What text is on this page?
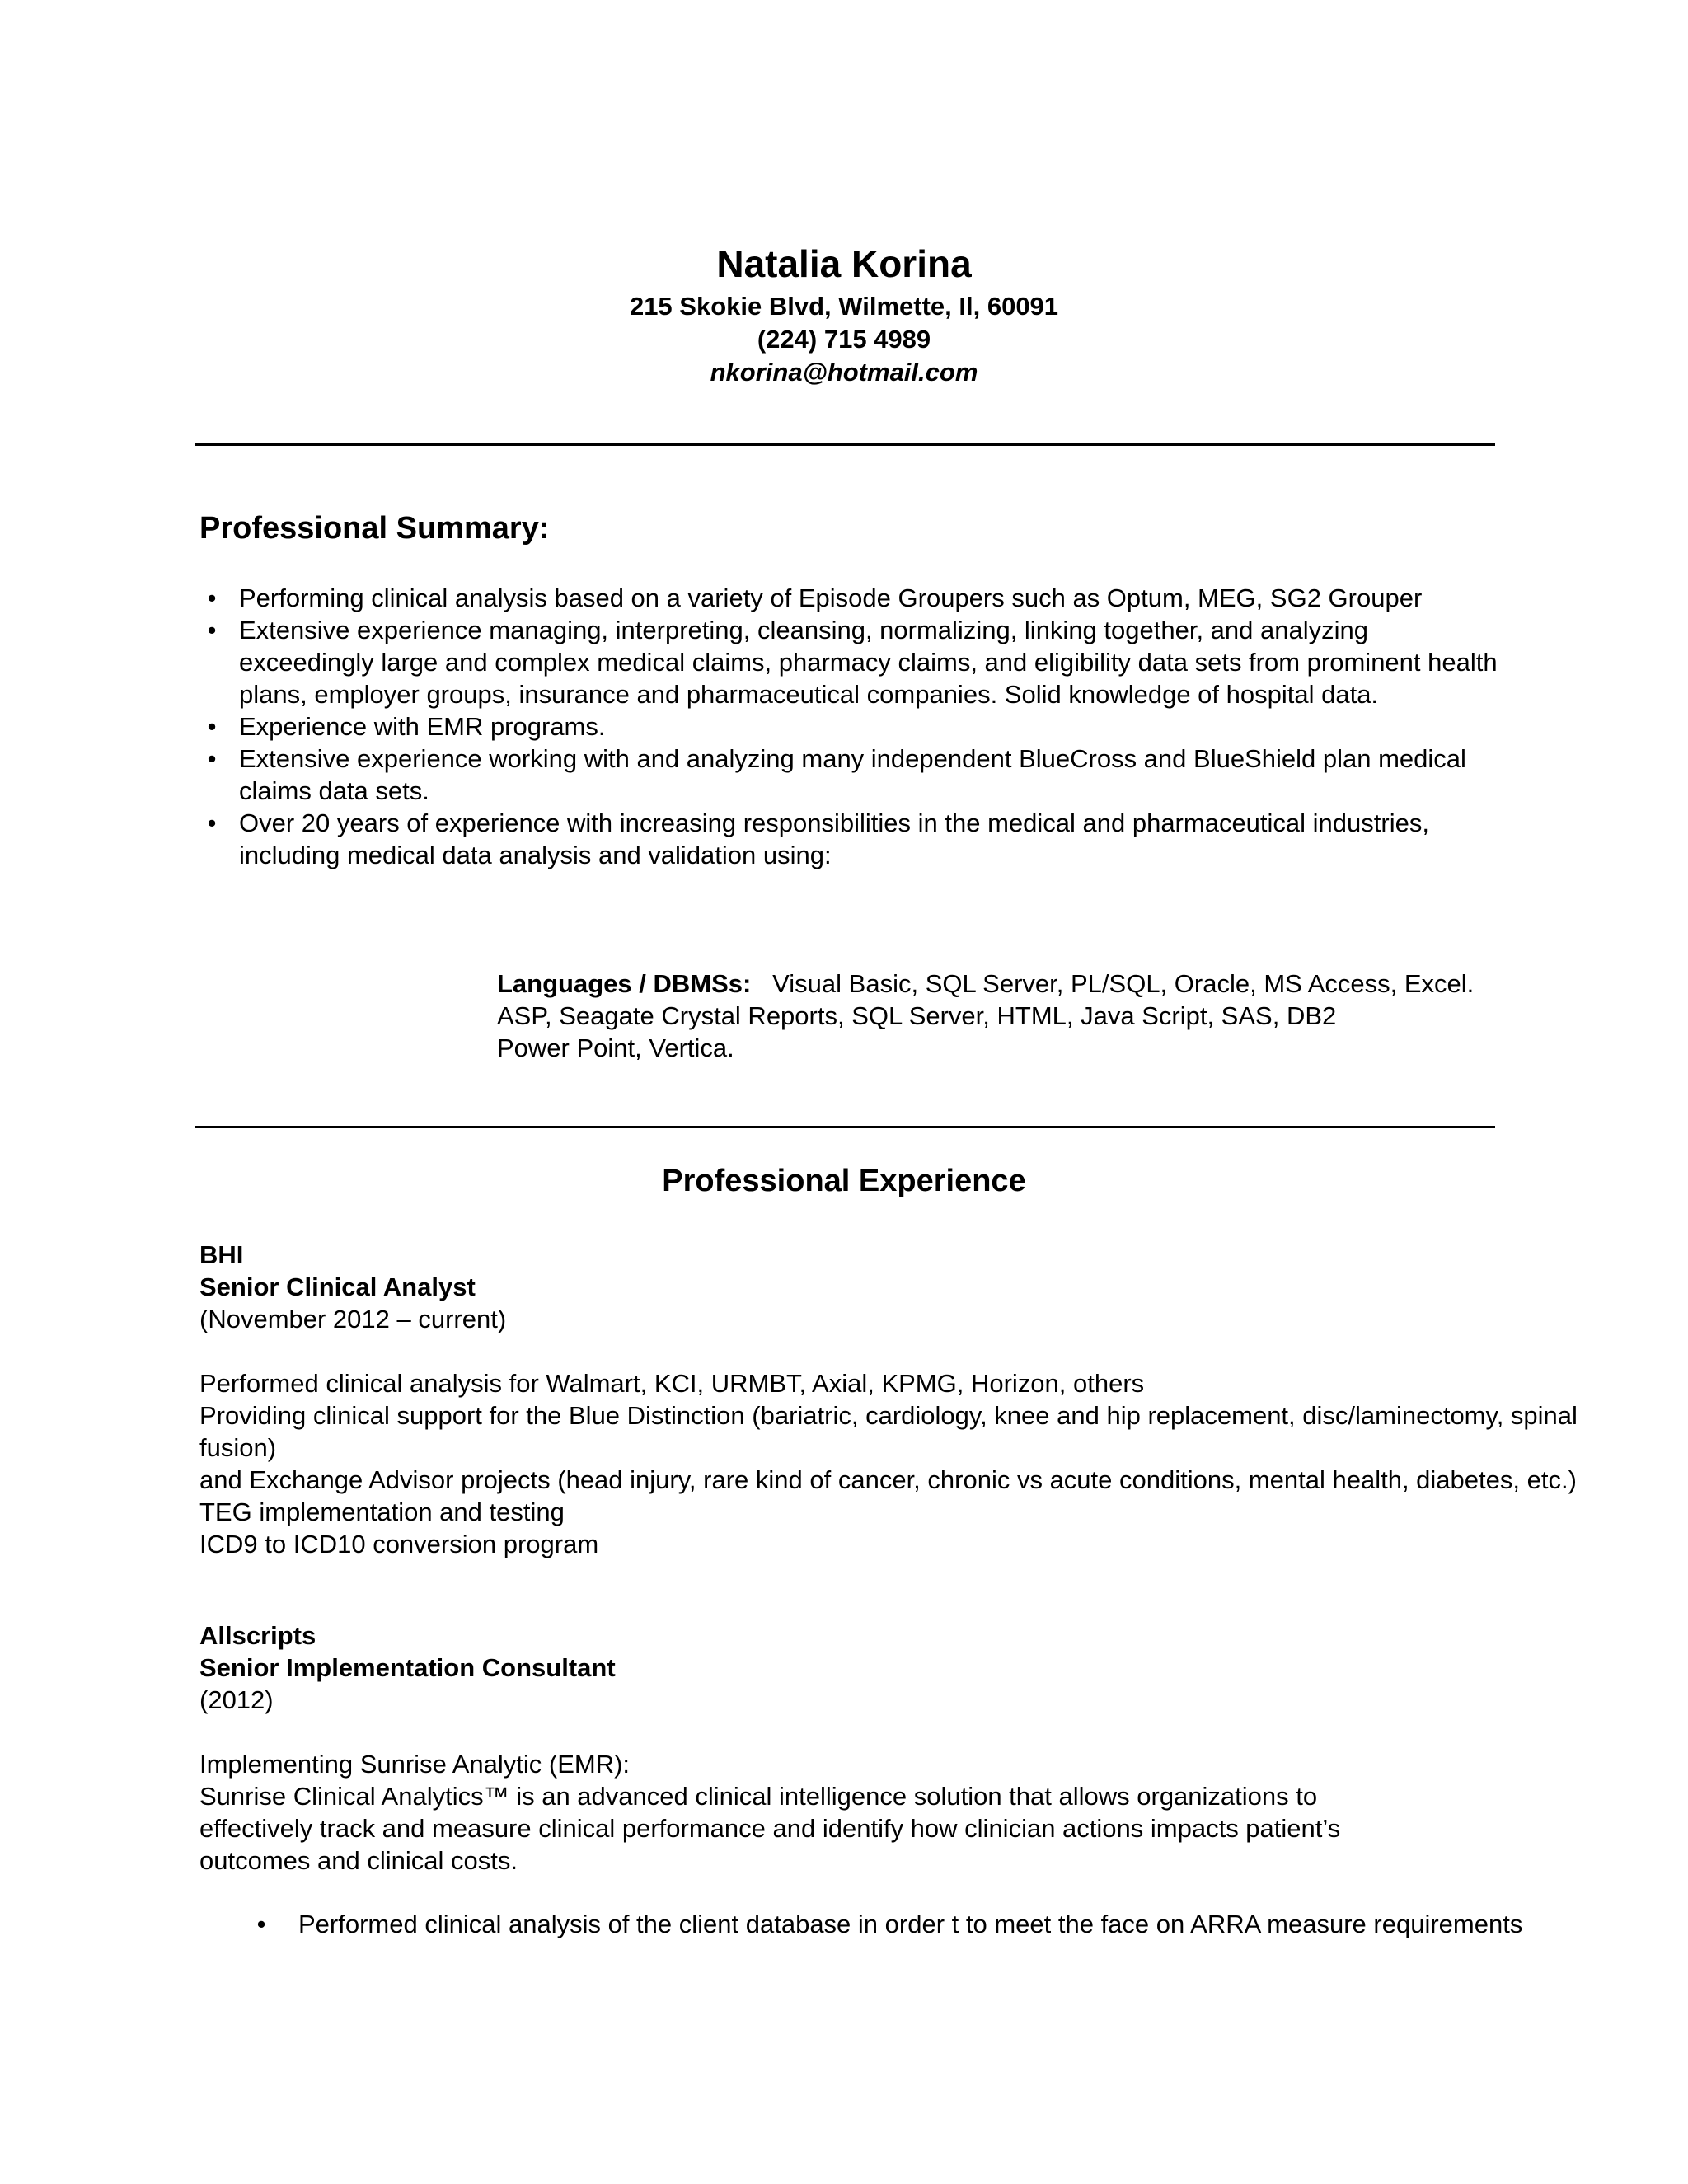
Natalia Korina
215 Skokie Blvd, Wilmette, Il, 60091
(224) 715 4989
nkorina@hotmail.com
Professional Summary:
• Performing clinical analysis based on a variety of Episode Groupers such as Optum, MEG, SG2 Grouper
• Extensive experience managing, interpreting, cleansing, normalizing, linking together, and analyzing exceedingly large and complex medical claims, pharmacy claims, and eligibility data sets from prominent health plans, employer groups, insurance and pharmaceutical companies. Solid knowledge of hospital data.
• Experience with EMR programs.
• Extensive experience working with and analyzing many independent BlueCross and BlueShield plan medical claims data sets.
• Over 20 years of experience with increasing responsibilities in the medical and pharmaceutical industries, including medical data analysis and validation using:
Languages / DBMSs: Visual Basic, SQL Server, PL/SQL, Oracle, MS Access, Excel.
ASP, Seagate Crystal Reports, SQL Server, HTML, Java Script, SAS, DB2
Power Point, Vertica.
Professional Experience
BHI
Senior Clinical Analyst
(November 2012 – current)
Performed clinical analysis for Walmart, KCI, URMBT, Axial, KPMG, Horizon, others
Providing clinical support for the Blue Distinction (bariatric, cardiology, knee and hip replacement, disc/laminectomy, spinal
fusion)
and Exchange Advisor projects (head injury, rare kind of cancer, chronic vs acute conditions, mental health, diabetes, etc.)
TEG implementation and testing
ICD9 to ICD10 conversion program
Allscripts
Senior Implementation Consultant
(2012)
Implementing Sunrise Analytic (EMR):
Sunrise Clinical Analytics™ is an advanced clinical intelligence solution that allows organizations to
effectively track and measure clinical performance and identify how clinician actions impacts patient’s
outcomes and clinical costs.
•	Performed clinical analysis of the client database in order t to meet the face on ARRA measure requirements
